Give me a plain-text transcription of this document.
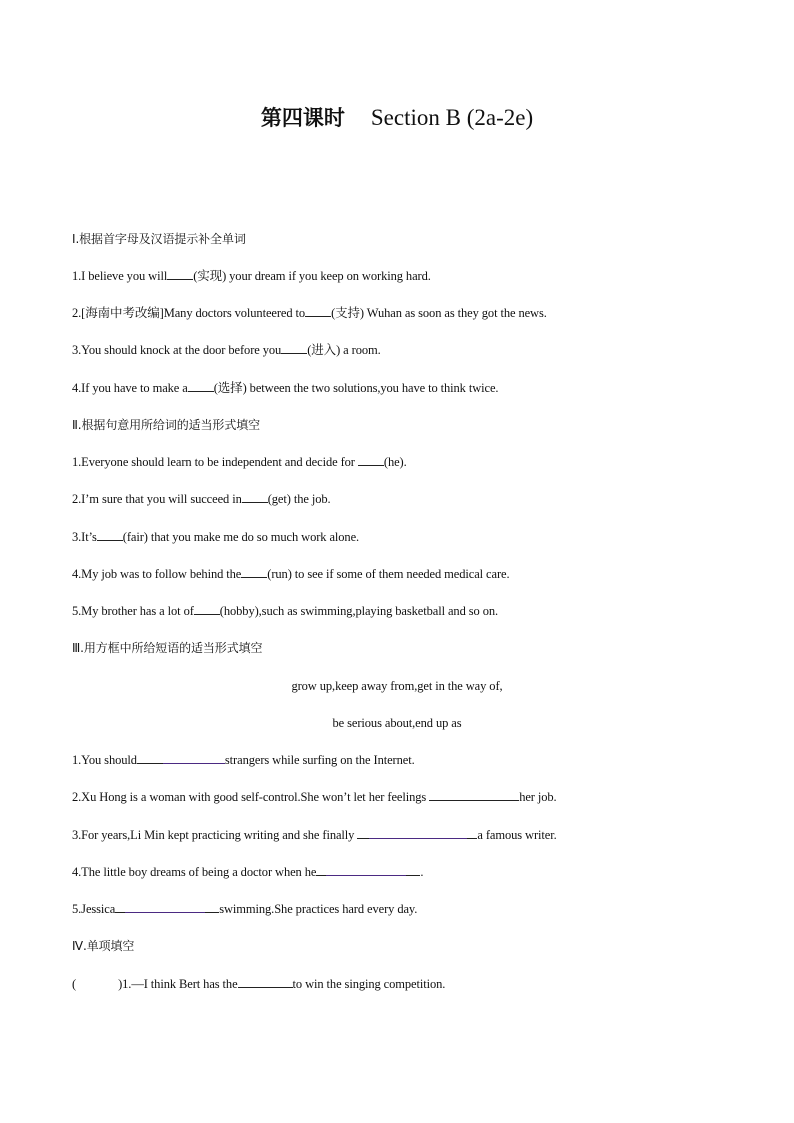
第四课时 Section B (2a-2e)
Ⅰ.根据首字母及汉语提示补全单词
1.I believe you will (实现) your dream if you keep on working hard.
2.[海南中考改编]Many doctors volunteered to (支持) Wuhan as soon as they got the news.
3.You should knock at the door before you (进入) a room.
4.If you have to make a (选择) between the two solutions,you have to think twice.
Ⅱ.根据句意用所给词的适当形式填空
1.Everyone should learn to be independent and decide for (he).
2.I’m sure that you will succeed in (get) the job.
3.It’s (fair) that you make me do so much work alone.
4.My job was to follow behind the (run) to see if some of them needed medical care.
5.My brother has a lot of (hobby),such as swimming,playing basketball and so on.
Ⅲ.用方框中所给短语的适当形式填空
grow up,keep away from,get in the way of,
be serious about,end up as
1.You should	strangers while surfing on the Internet.
2.Xu Hong is a woman with good self-control.She won’t let her feelings	her job.
3.For years,Li Min kept practicing writing and she finally	a famous writer.
4.The little boy dreams of being a doctor when he	.
5.Jessica	swimming.She practices hard every day.
Ⅳ.单项填空
(	)1.—I think Bert has the	to win the singing competition.
